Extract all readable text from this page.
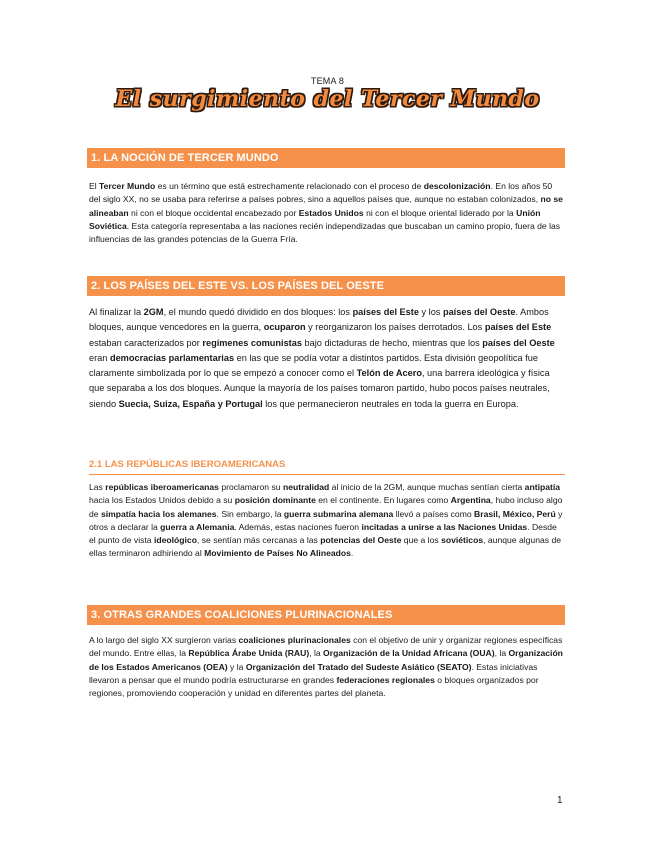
TEMA 8
El surgimiento del Tercer Mundo
1. LA NOCIÓN DE TERCER MUNDO
El Tercer Mundo es un término que está estrechamente relacionado con el proceso de descolonización. En los años 50 del siglo XX, no se usaba para referirse a países pobres, sino a aquellos países que, aunque no estaban colonizados, no se alineaban ni con el bloque occidental encabezado por Estados Unidos ni con el bloque oriental liderado por la Unión Soviética. Esta categoría representaba a las naciones recién independizadas que buscaban un camino propio, fuera de las influencias de las grandes potencias de la Guerra Fría.
2. LOS PAÍSES DEL ESTE VS. LOS PAÍSES DEL OESTE
Al finalizar la 2GM, el mundo quedó dividido en dos bloques: los países del Este y los países del Oeste. Ambos bloques, aunque vencedores en la guerra, ocuparon y reorganizaron los países derrotados. Los países del Este estaban caracterizados por regímenes comunistas bajo dictaduras de hecho, mientras que los países del Oeste eran democracias parlamentarias en las que se podía votar a distintos partidos. Esta división geopolítica fue claramente simbolizada por lo que se empezó a conocer como el Telón de Acero, una barrera ideológica y física que separaba a los dos bloques. Aunque la mayoría de los países tomaron partido, hubo pocos países neutrales, siendo Suecia, Suiza, España y Portugal los que permanecieron neutrales en toda la guerra en Europa.
2.1 LAS REPÚBLICAS IBEROAMERICANAS
Las repúblicas iberoamericanas proclamaron su neutralidad al inicio de la 2GM, aunque muchas sentían cierta antipatía hacia los Estados Unidos debido a su posición dominante en el continente. En lugares como Argentina, hubo incluso algo de simpatía hacia los alemanes. Sin embargo, la guerra submarina alemana llevó a países como Brasil, México, Perú y otros a declarar la guerra a Alemania. Además, estas naciones fueron incitadas a unirse a las Naciones Unidas. Desde el punto de vista ideológico, se sentían más cercanas a las potencias del Oeste que a los soviéticos, aunque algunas de ellas terminaron adhiriendo al Movimiento de Países No Alineados.
3. OTRAS GRANDES COALICIONES PLURINACIONALES
A lo largo del siglo XX surgieron varias coaliciones plurinacionales con el objetivo de unir y organizar regiones específicas del mundo. Entre ellas, la República Árabe Unida (RAU), la Organización de la Unidad Africana (OUA), la Organización de los Estados Americanos (OEA) y la Organización del Tratado del Sudeste Asiático (SEATO). Estas iniciativas llevaron a pensar que el mundo podría estructurarse en grandes federaciones regionales o bloques organizados por regiones, promoviendo cooperación y unidad en diferentes partes del planeta.
1
